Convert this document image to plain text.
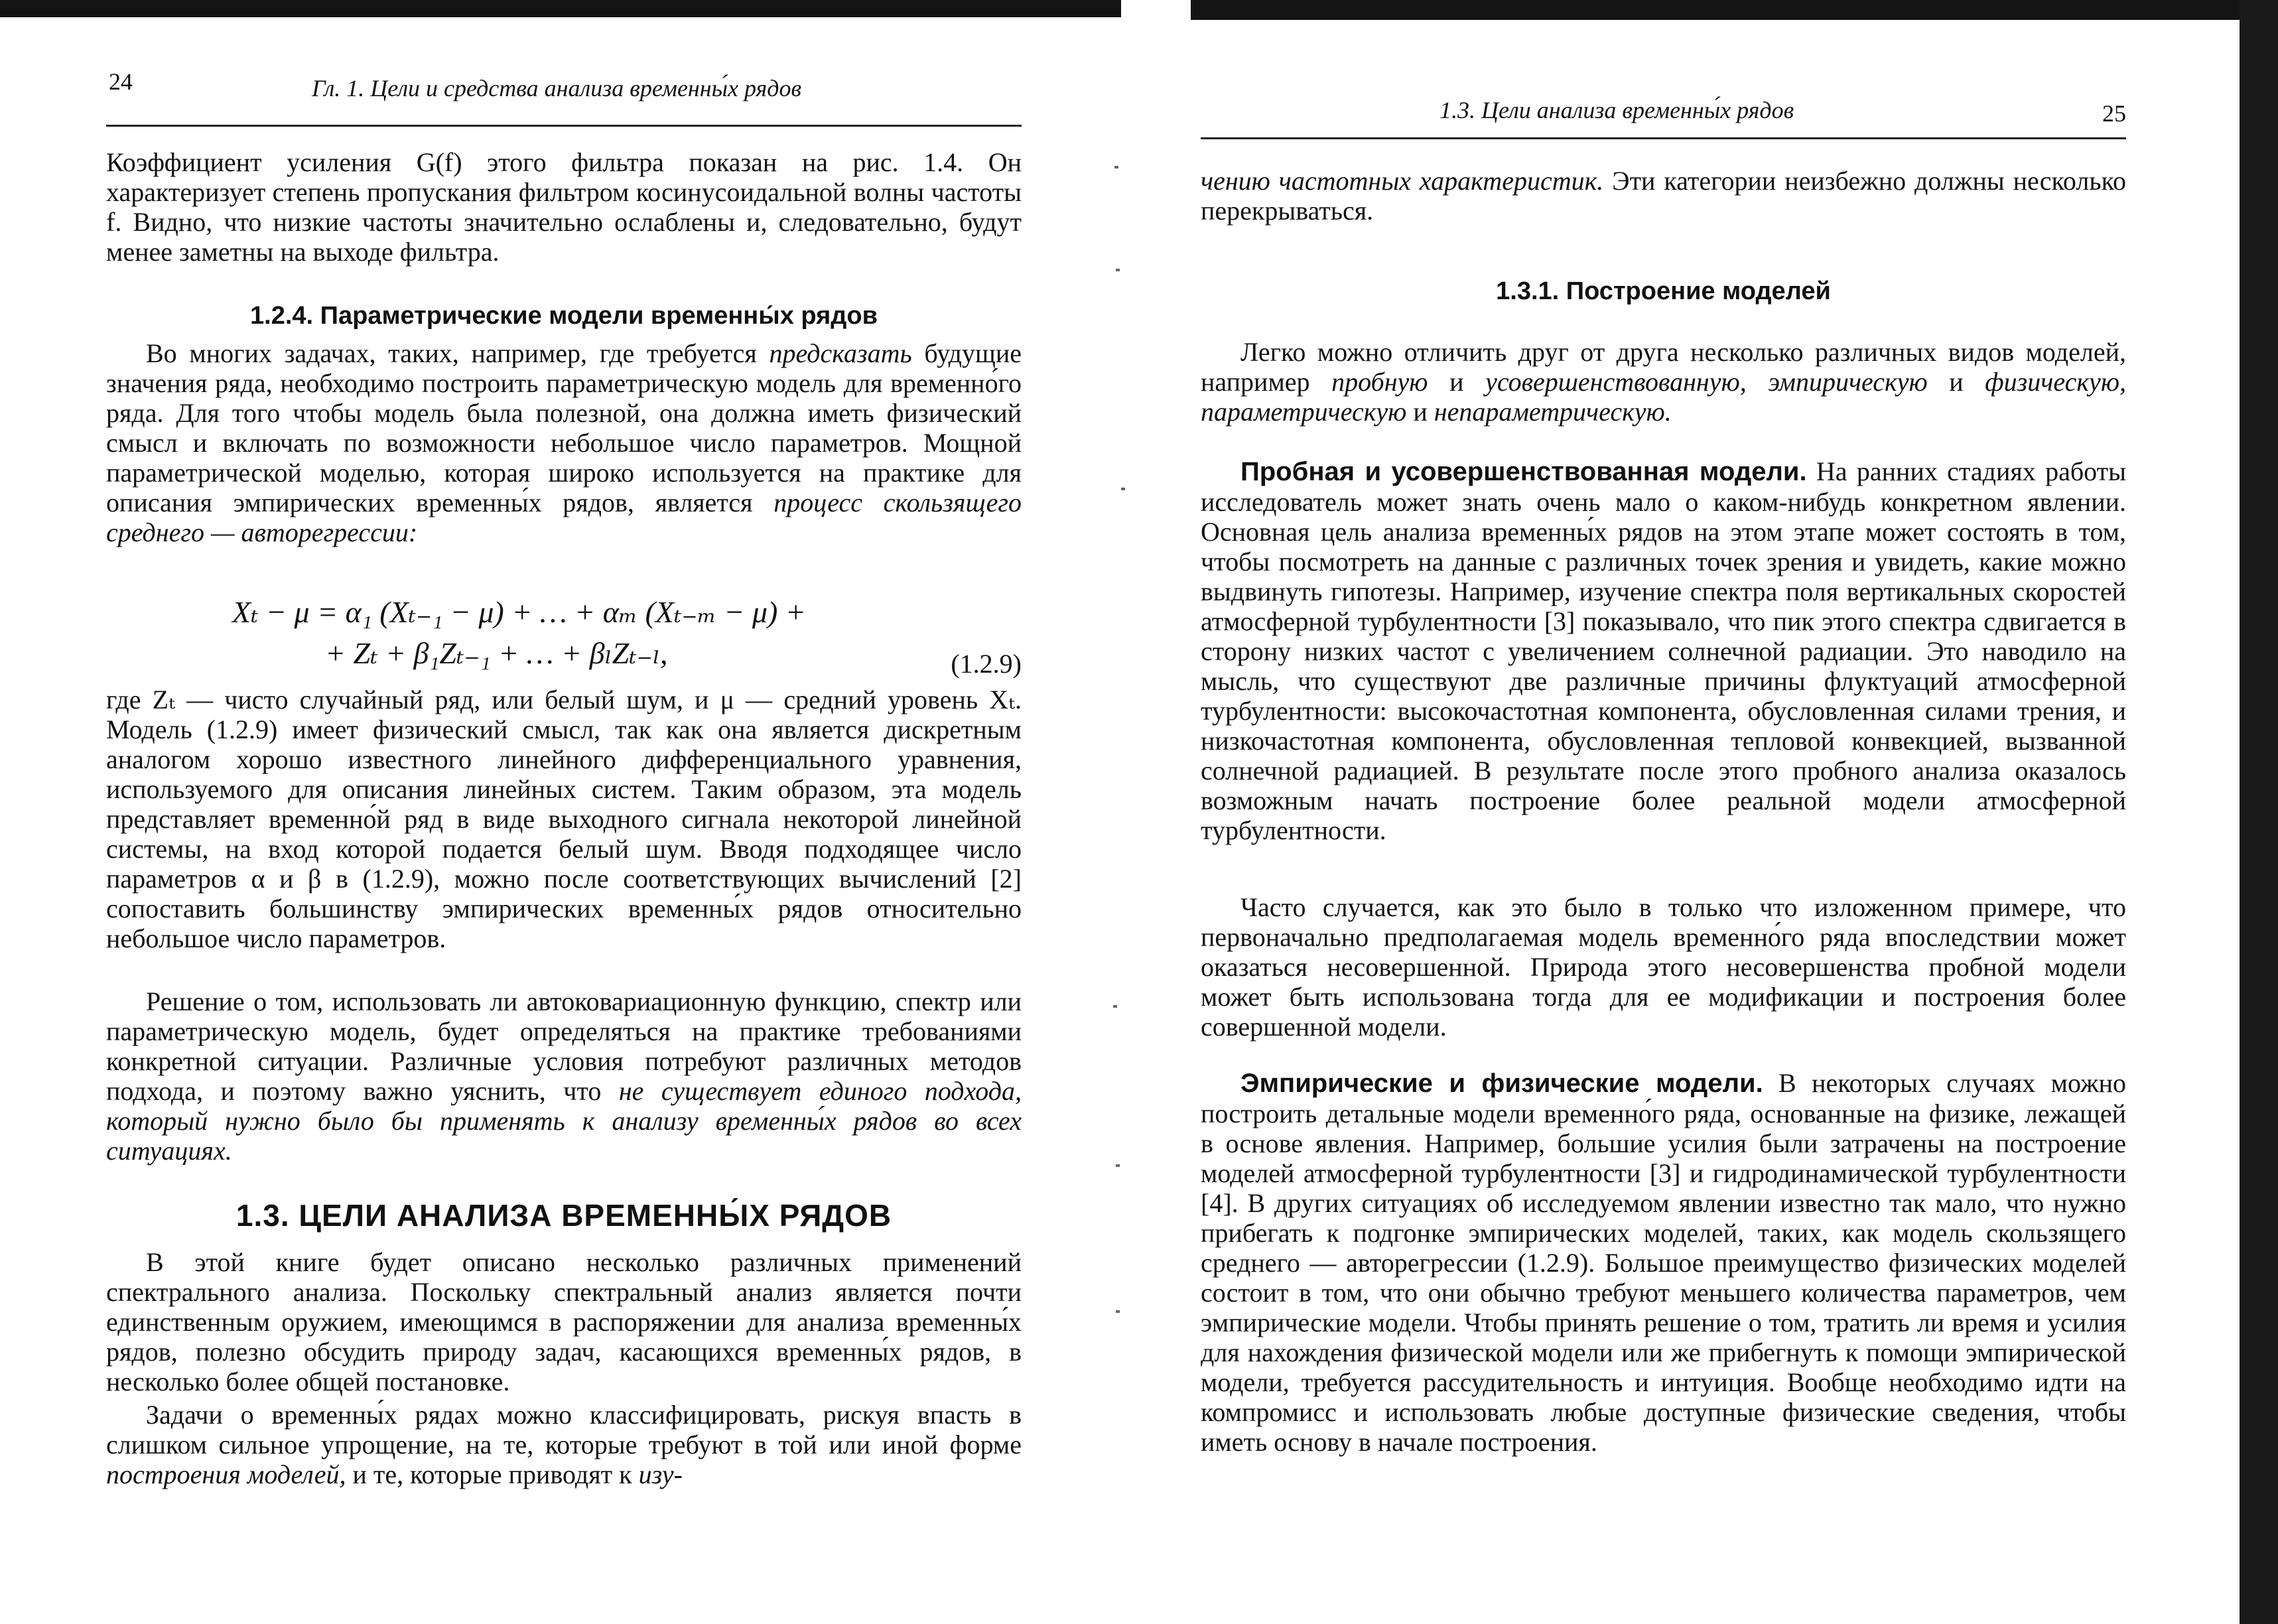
24	Гл. 1. Цели и средства анализа временны́х рядов

Коэффициент усиления G(f) этого фильтра показан на рис. 1.4. Он характеризует степень пропускания фильтром косинусоидальной волны частоты f. Видно, что низкие частоты значительно ослаблены и, следовательно, будут менее заметны на выходе фильтра.

1.2.4. Параметрические модели временны́х рядов

Во многих задачах, таких, например, где требуется предсказать будущие значения ряда, необходимо построить параметрическую модель для временно́го ряда. Для того чтобы модель была полезной, она должна иметь физический смысл и включать по возможности небольшое число параметров. Мощной параметрической моделью, которая широко используется на практике для описания эмпирических временны́х рядов, является процесс скользящего среднего — авторегрессии:

Xₜ − μ = α₁ (Xₜ₋₁ − μ) + … + αₘ (Xₜ₋ₘ − μ) +
+ Zₜ + β₁Zₜ₋₁ + … + βₗZₜ₋ₗ,	(1.2.9)

где Zₜ — чисто случайный ряд, или белый шум, и μ — средний уровень Xₜ. Модель (1.2.9) имеет физический смысл, так как она является дискретным аналогом хорошо известного линейного дифференциального уравнения, используемого для описания линейных систем. Таким образом, эта модель представляет временно́й ряд в виде выходного сигнала некоторой линейной системы, на вход которой подается белый шум. Вводя подходящее число параметров α и β в (1.2.9), можно после соответствующих вычислений [2] сопоставить большинству эмпирических временны́х рядов относительно небольшое число параметров.

Решение о том, использовать ли автоковариационную функцию, спектр или параметрическую модель, будет определяться на практике требованиями конкретной ситуации. Различные условия потребуют различных методов подхода, и поэтому важно уяснить, что не существует единого подхода, который нужно было бы применять к анализу временны́х рядов во всех ситуациях.

1.3. ЦЕЛИ АНАЛИЗА ВРЕМЕННЫ́Х РЯДОВ

В этой книге будет описано несколько различных применений спектрального анализа. Поскольку спектральный анализ является почти единственным оружием, имеющимся в распоряжении для анализа временны́х рядов, полезно обсудить природу задач, касающихся временны́х рядов, в несколько более общей постановке.

Задачи о временны́х рядах можно классифицировать, рискуя впасть в слишком сильное упрощение, на те, которые требуют в той или иной форме построения моделей, и те, которые приводят к изу-

1.3. Цели анализа временны́х рядов	25

чению частотных характеристик. Эти категории неизбежно должны несколько перекрываться.

1.3.1. Построение моделей

Легко можно отличить друг от друга несколько различных видов моделей, например пробную и усовершенствованную, эмпирическую и физическую, параметрическую и непараметрическую.

Пробная и усовершенствованная модели. На ранних стадиях работы исследователь может знать очень мало о каком-нибудь конкретном явлении. Основная цель анализа временны́х рядов на этом этапе может состоять в том, чтобы посмотреть на данные с различных точек зрения и увидеть, какие можно выдвинуть гипотезы. Например, изучение спектра поля вертикальных скоростей атмосферной турбулентности [3] показывало, что пик этого спектра сдвигается в сторону низких частот с увеличением солнечной радиации. Это наводило на мысль, что существуют две различные причины флуктуаций атмосферной турбулентности: высокочастотная компонента, обусловленная силами трения, и низкочастотная компонента, обусловленная тепловой конвекцией, вызванной солнечной радиацией. В результате после этого пробного анализа оказалось возможным начать построение более реальной модели атмосферной турбулентности.

Часто случается, как это было в только что изложенном примере, что первоначально предполагаемая модель временно́го ряда впоследствии может оказаться несовершенной. Природа этого несовершенства пробной модели может быть использована тогда для ее модификации и построения более совершенной модели.

Эмпирические и физические модели. В некоторых случаях можно построить детальные модели временно́го ряда, основанные на физике, лежащей в основе явления. Например, большие усилия были затрачены на построение моделей атмосферной турбулентности [3] и гидродинамической турбулентности [4]. В других ситуациях об исследуемом явлении известно так мало, что нужно прибегать к подгонке эмпирических моделей, таких, как модель скользящего среднего — авторегрессии (1.2.9). Большое преимущество физических моделей состоит в том, что они обычно требуют меньшего количества параметров, чем эмпирические модели. Чтобы принять решение о том, тратить ли время и усилия для нахождения физической модели или же прибегнуть к помощи эмпирической модели, требуется рассудительность и интуиция. Вообще необходимо идти на компромисс и использовать любые доступные физические сведения, чтобы иметь основу в начале построения.
